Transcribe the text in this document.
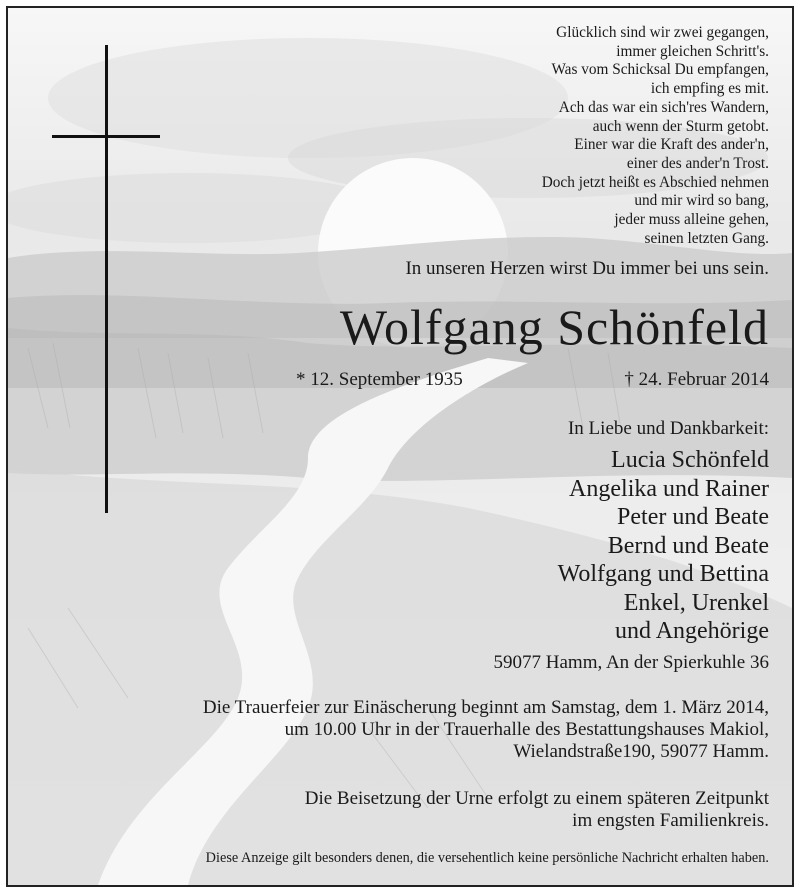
Glücklich sind wir zwei gegangen,
immer gleichen Schritt's.
Was vom Schicksal Du empfangen,
ich empfing es mit.
Ach das war ein sich'res Wandern,
auch wenn der Sturm getobt.
Einer war die Kraft des ander'n,
einer des ander'n Trost.
Doch jetzt heißt es Abschied nehmen
und mir wird so bang,
jeder muss alleine gehen,
seinen letzten Gang.
In unseren Herzen wirst Du immer bei uns sein.
Wolfgang Schönfeld
* 12. September 1935	† 24. Februar 2014
In Liebe und Dankbarkeit:
Lucia Schönfeld
Angelika und Rainer
Peter und Beate
Bernd und Beate
Wolfgang und Bettina
Enkel, Urenkel
und Angehörige
59077 Hamm, An der Spierkuhle 36
Die Trauerfeier zur Einäscherung beginnt am Samstag, dem 1. März 2014,
um 10.00 Uhr in der Trauerhalle des Bestattungshauses Makiol,
Wielandstraße190, 59077 Hamm.
Die Beisetzung der Urne erfolgt zu einem späteren Zeitpunkt
im engsten Familienkreis.
Diese Anzeige gilt besonders denen, die versehentlich keine persönliche Nachricht erhalten haben.
